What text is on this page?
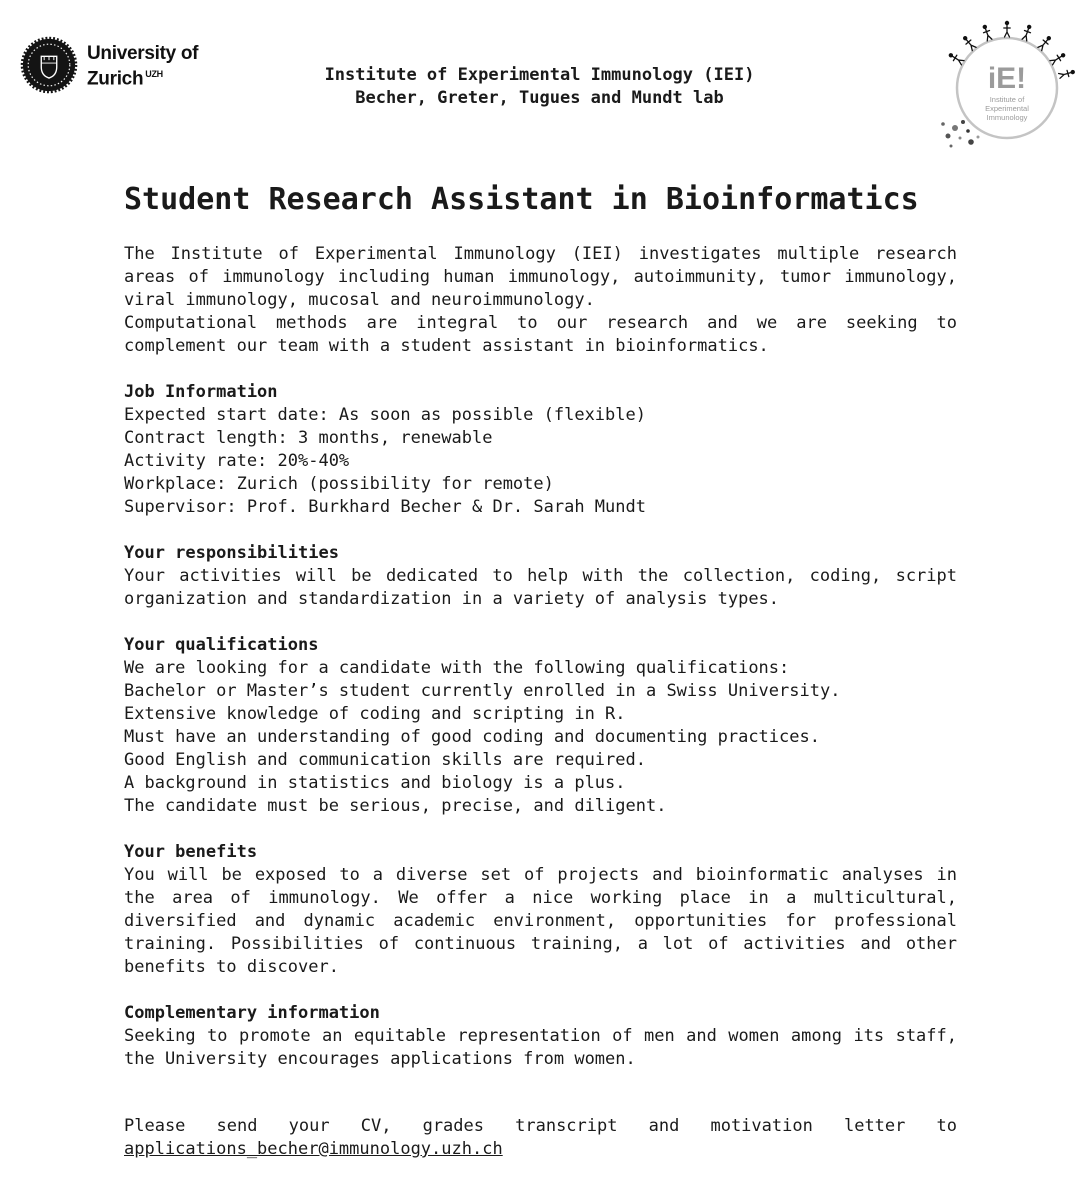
University of
Zurich $^{UZH}$	Institute of Experimental Immunology (IEI)
Becher, Greter, Tugues and Mundt lab
iE!
Institute of
Experimental
Immunology
Student Research Assistant in Bioinformatics

The Institute of Experimental Immunology (IEI) investigates multiple research areas of immunology including human immunology, autoimmunity, tumor immunology, viral immunology, mucosal and neuroimmunology.

Computational methods are integral to our research and we are seeking to complement our team with a student assistant in bioinformatics.

Job Information
Expected start date: As soon as possible (flexible)
Contract length: 3 months, renewable
Activity rate: 20%-40%
Workplace: Zurich (possibility for remote)
Supervisor: Prof. Burkhard Becher & Dr. Sarah Mundt
Your responsibilities

Your activities will be dedicated to help with the collection, coding, script organization and standardization in a variety of analysis types.

Your qualifications
We are looking for a candidate with the following qualifications:
Bachelor or Master’s student currently enrolled in a Swiss University.
Extensive knowledge of coding and scripting in R.
Must have an understanding of good coding and documenting practices.
Good English and communication skills are required.
A background in statistics and biology is a plus.
The candidate must be serious, precise, and diligent.
Your benefits

You will be exposed to a diverse set of projects and bioinformatic analyses in the area of immunology. We offer a nice working place in a multicultural, diversified and dynamic academic environment, opportunities for professional training. Possibilities of continuous training, a lot of activities and other benefits to discover.

Complementary information

Seeking to promote an equitable representation of men and women among its staff, the University encourages applications from women.

Please send your CV, grades transcript and motivation letter to

applications_becher@immunology.uzh.ch
